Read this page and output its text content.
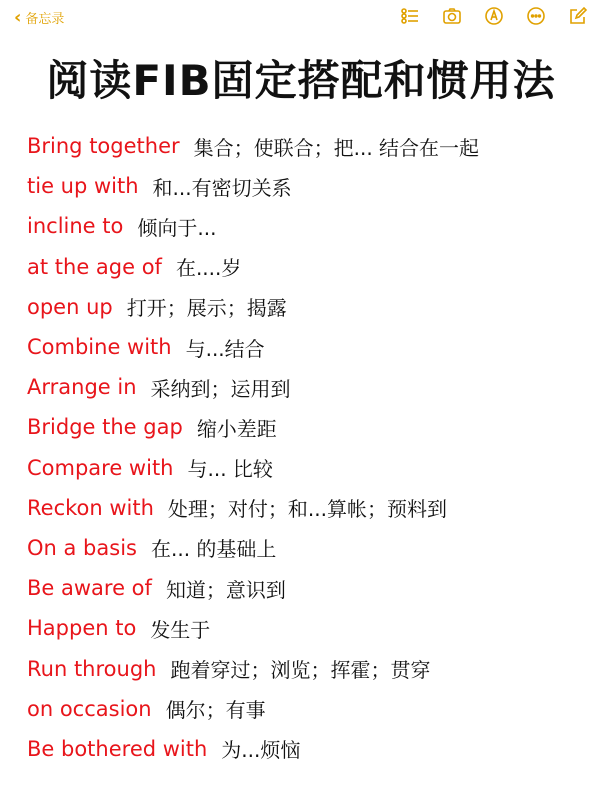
‹ 备忘录
阅读FIB固定搭配和惯用法
Bring together 集合；使联合；把... 结合在一起
tie up with 和...有密切关系
incline to 倾向于...
at the age of 在....岁
open up 打开；展示；揭露
Combine with 与...结合
Arrange in 采纳到；运用到
Bridge the gap 缩小差距
Compare with 与... 比较
Reckon with 处理；对付；和...算帐；预料到
On a basis 在... 的基础上
Be aware of 知道；意识到
Happen to 发生于
Run through 跑着穿过；浏览；挥霍；贯穿
on occasion 偶尔；有事
Be bothered with 为...烦恼
